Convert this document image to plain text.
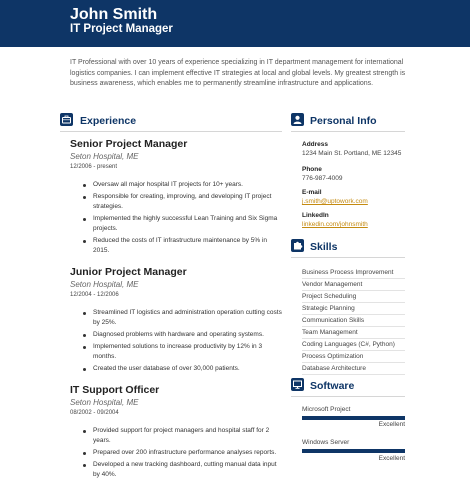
John Smith
IT Project Manager
IT Professional with over 10 years of experience specializing in IT department management for international logistics companies. I can implement effective IT strategies at local and global levels. My greatest strength is business awareness, which enables me to permanently streamline infrastructure and applications.
Experience
Senior Project Manager
Seton Hospital, ME
12/2006 - present
Oversaw all major hospital IT projects for 10+ years.
Responsible for creating, improving, and developing IT project strategies.
Implemented the highly successful Lean Training and Six Sigma projects.
Reduced the costs of IT infrastructure maintenance by 5% in 2015.
Junior Project Manager
Seton Hospital, ME
12/2004 - 12/2006
Streamlined IT logistics and administration operation cutting costs by 25%.
Diagnosed problems with hardware and operating systems.
Implemented solutions to increase productivity by 12% in 3 months.
Created the user database of over 30,000 patients.
IT Support Officer
Seton Hospital, ME
08/2002 - 09/2004
Provided support for project managers and hospital staff for 2 years.
Prepared over 200 infrastructure performance analyses reports.
Developed a new tracking dashboard, cutting manual data input by 40%.
Personal Info
Address
1234 Main St. Portland, ME 12345
Phone
776-987-4009
E-mail
j.smith@uptowork.com
LinkedIn
linkedin.com/johnsmith
Skills
Business Process Improvement
Vendor Management
Project Scheduling
Strategic Planning
Communication Skills
Team Management
Coding Languages (C#, Python)
Process Optimization
Database Architecture
Software
Microsoft Project
Excellent
Windows Server
Excellent
